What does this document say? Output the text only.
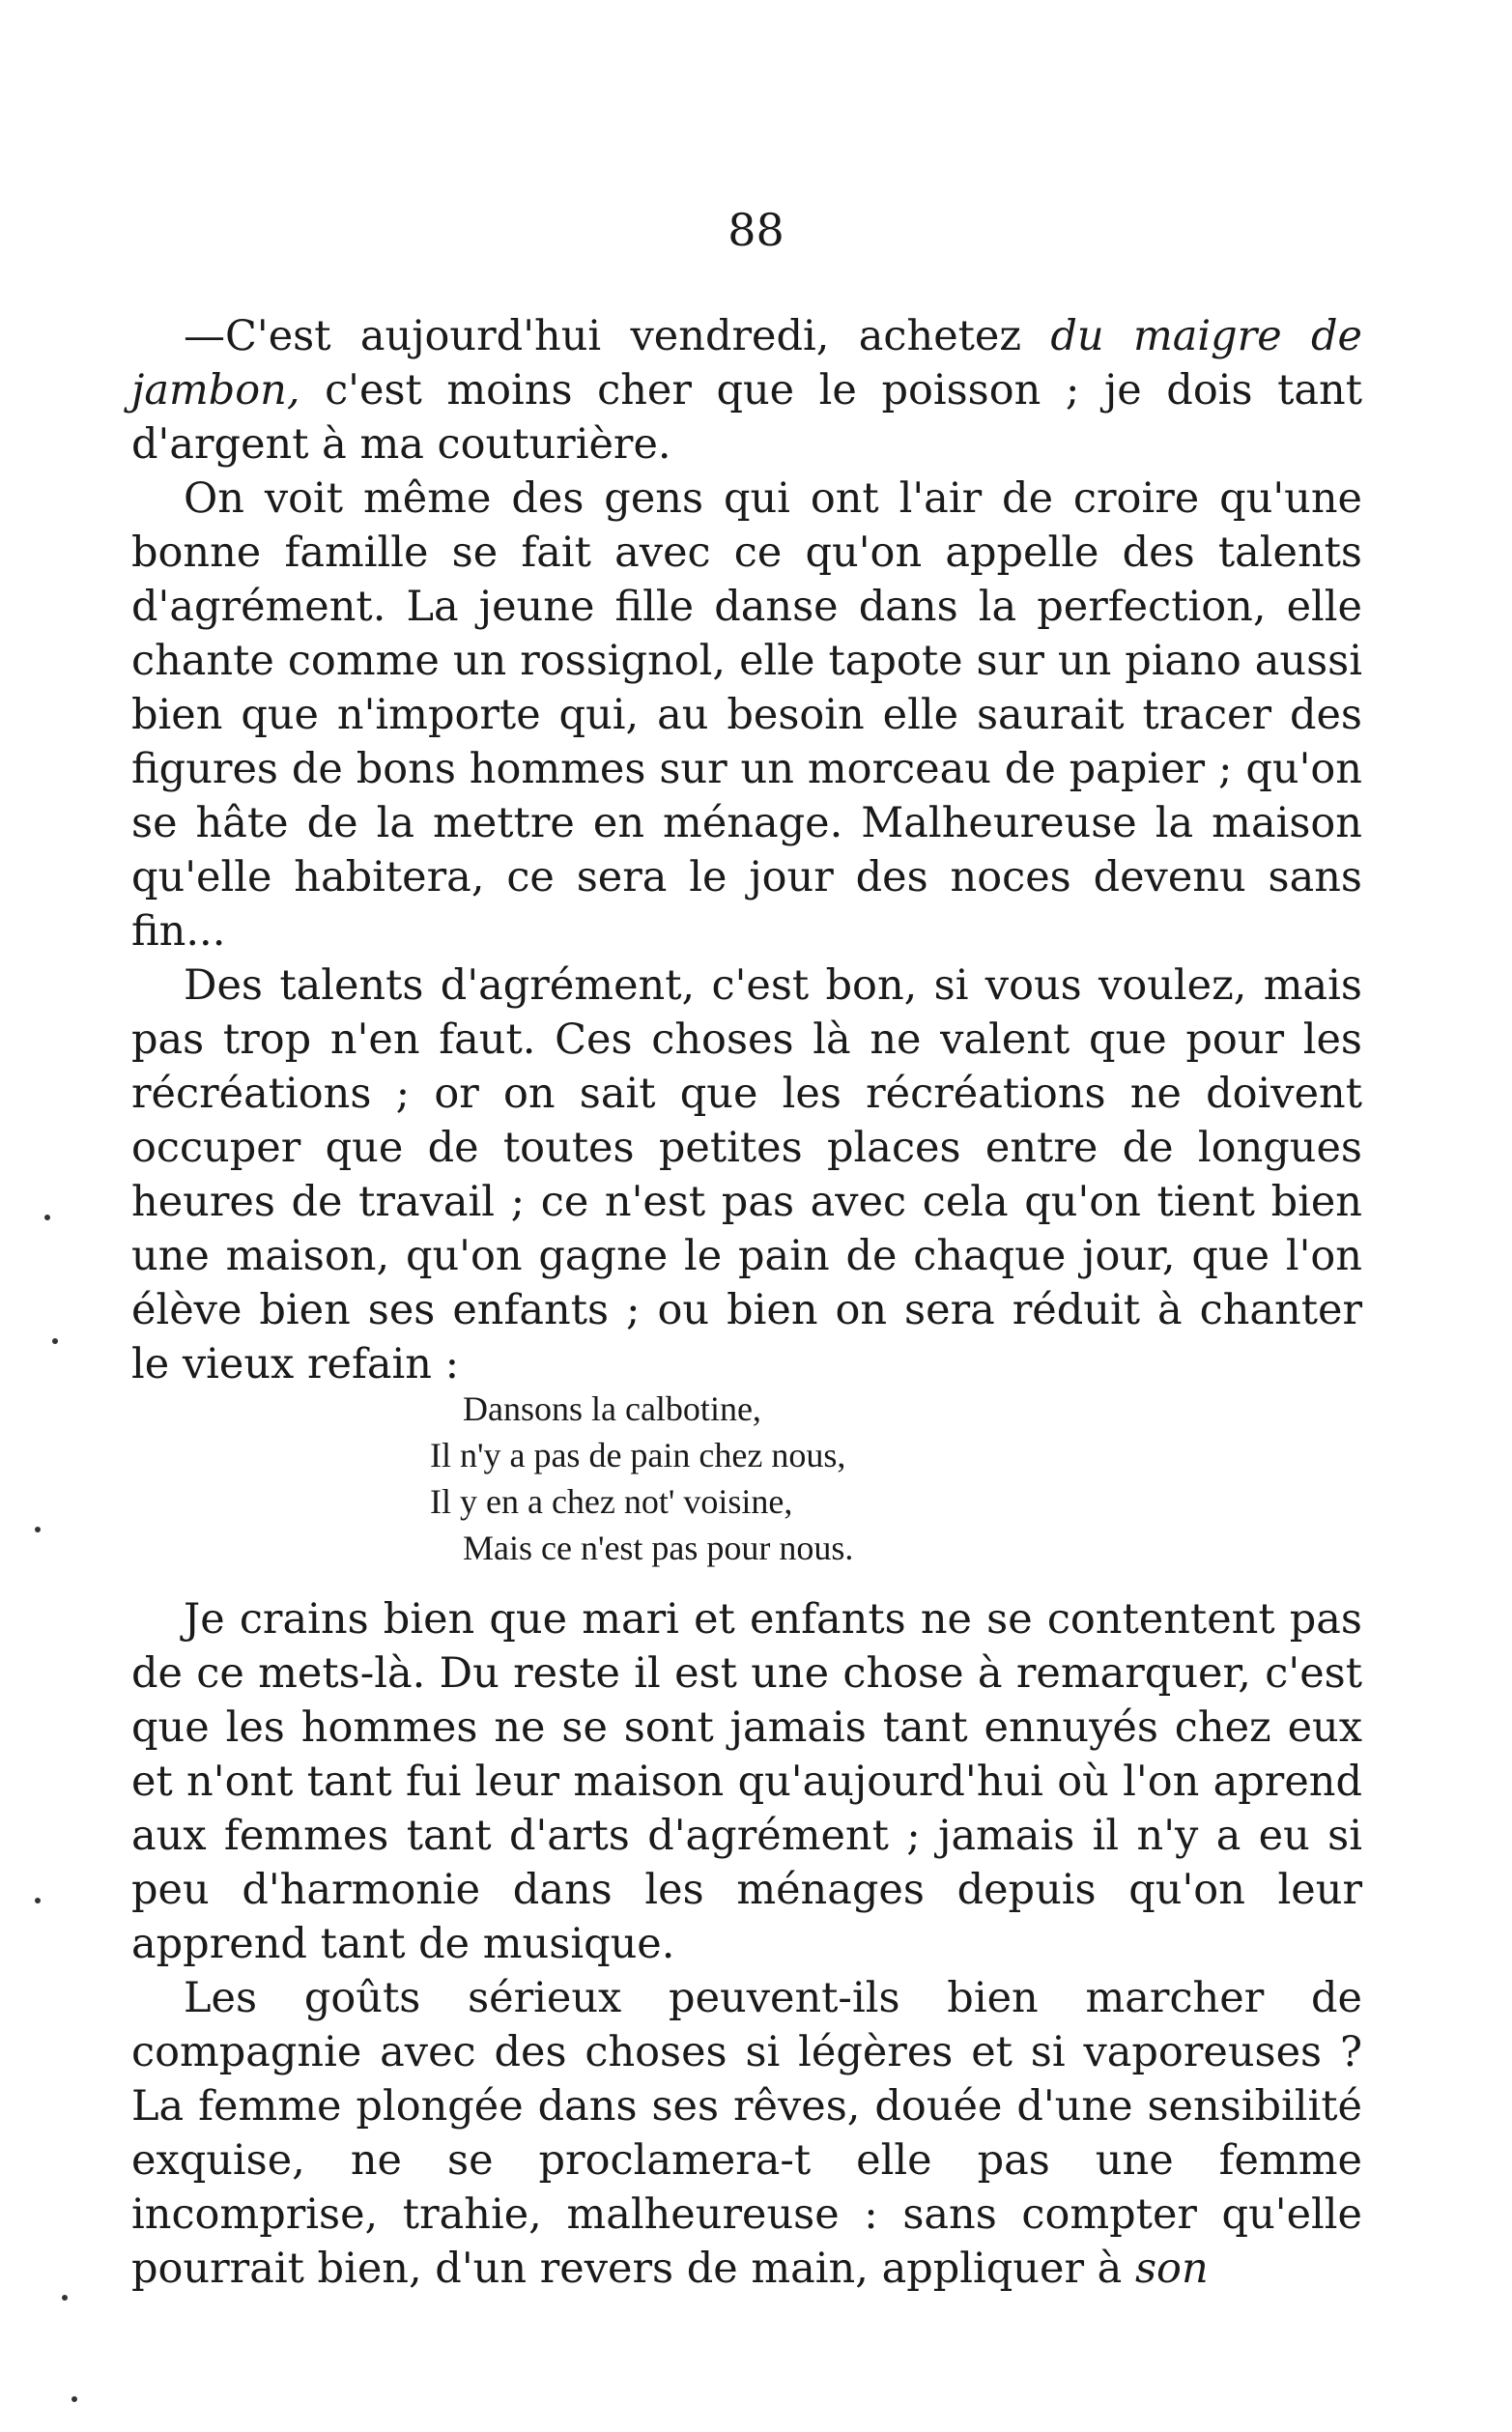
88

—C'est aujourd'hui vendredi, achetez du maigre de jambon, c'est moins cher que le poisson ; je dois tant d'argent à ma couturière.

On voit même des gens qui ont l'air de croire qu'une bonne famille se fait avec ce qu'on appelle des talents d'agrément. La jeune fille danse dans la perfection, elle chante comme un rossignol, elle tapote sur un piano aussi bien que n'importe qui, au besoin elle saurait tracer des figures de bons hommes sur un morceau de papier ; qu'on se hâte de la mettre en ménage. Malheureuse la maison qu'elle habitera, ce sera le jour des noces devenu sans fin...

Des talents d'agrément, c'est bon, si vous voulez, mais pas trop n'en faut. Ces choses là ne valent que pour les récréations ; or on sait que les récréations ne doivent occuper que de toutes petites places entre de longues heures de travail ; ce n'est pas avec cela qu'on tient bien une maison, qu'on gagne le pain de chaque jour, que l'on élève bien ses enfants ; ou bien on sera réduit à chanter le vieux refain :

Dansons la calbotine,
Il n'y a pas de pain chez nous,
Il y en a chez not' voisine,
Mais ce n'est pas pour nous.

Je crains bien que mari et enfants ne se contentent pas de ce mets-là. Du reste il est une chose à remarquer, c'est que les hommes ne se sont jamais tant ennuyés chez eux et n'ont tant fui leur maison qu'aujourd'hui où l'on aprend aux femmes tant d'arts d'agrément ; jamais il n'y a eu si peu d'harmonie dans les ménages depuis qu'on leur apprend tant de musique.

Les goûts sérieux peuvent-ils bien marcher de compagnie avec des choses si légères et si vaporeuses ? La femme plongée dans ses rêves, douée d'une sensibilité exquise, ne se proclamera-t elle pas une femme incomprise, trahie, malheureuse : sans compter qu'elle pourrait bien, d'un revers de main, appliquer à son
